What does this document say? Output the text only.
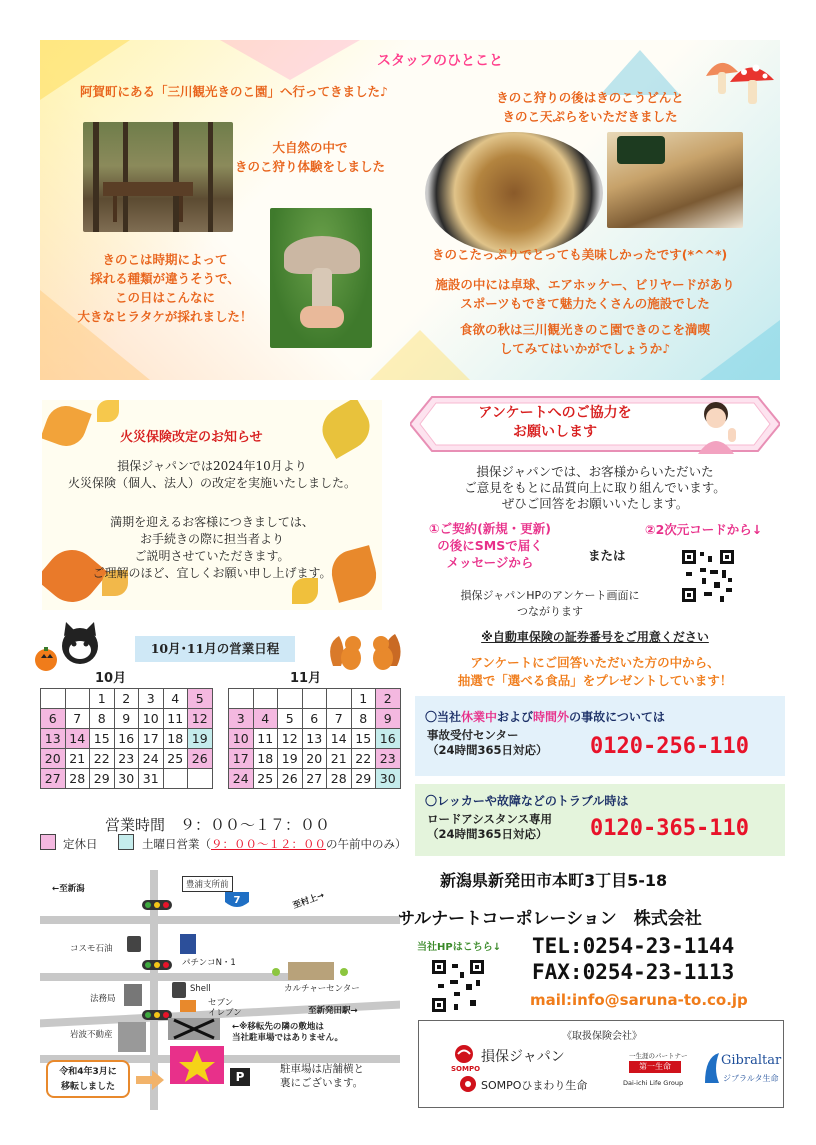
スタッフのひとこと
阿賀町にある「三川観光きのこ園」へ行ってきました♪
大自然の中で
きのこ狩り体験をしました
きのこは時期によって
採れる種類が違うそうで、
この日はこんなに
大きなヒラタケが採れました！
きのこ狩りの後はきのこうどんと
きのこ天ぷらをいただきました
きのこたっぷりでとっても美味しかったです(*^^*)
施設の中には卓球、エアホッケー、ビリヤードがあり
スポーツもできて魅力たくさんの施設でした
食欲の秋は三川観光きのこ園できのこを満喫
してみてはいかがでしょうか♪
火災保険改定のお知らせ
損保ジャパンでは2024年10月より
火災保険（個人、法人）の改定を実施いたしました。
満期を迎えるお客様につきましては、
お手続きの際に担当者より
ご説明させていただきます。
ご理解のほど、宜しくお願い申し上げます。
アンケートへのご協力を
お願いします
損保ジャパンでは、お客様からいただいた
ご意見をもとに品質向上に取り組んでいます。
ぜひご回答をお願いいたします。
①ご契約(新規・更新)
の後にSMSで届く
メッセージから	または
②2次元コードから↓
損保ジャパンHPのアンケート画面に
つながります
※自動車保険の証券番号をご用意ください
アンケートにご回答いただいた方の中から、
抽選で「選べる食品」をプレゼントしています！
10月･11月の営業日程
10月	11月
		1	2	3	4	5
6	7	8	9	10	11	12
13	14	15	16	17	18	19
20	21	22	23	24	25	26
27	28	29	30	31		
					1	2
3	4	5	6	7	8	9
10	11	12	13	14	15	16
17	18	19	20	21	22	23
24	25	26	27	28	29	30
営業時間　９：００～１７：００
定休日	土曜日営業（９：００～１２：００の午前中のみ）
〇当社休業中および時間外の事故については
事故受付センター
（24時間365日対応） 0120-256-110
〇レッカーや故障などのトラブル時は
ロードアシスタンス専用
（24時間365日対応） 0120-365-110
←至新潟	豊浦支所前
7	至村上→
コスモ石油
パチンコN・1
法務局
Shell
セブン
イレブン
カルチャーセンター
至新発田駅→
岩波不動産
←※移転先の隣の敷地は
当社駐車場ではありません。
P
令和4年3月に
移転しました
駐車場は店舗横と
裏にございます。
新潟県新発田市本町3丁目5-18
サルナートコーポレーション　株式会社
当社HPはこちら↓ TEL:0254-23-1144
FAX:0254-23-1113
mail:info@saruna-to.co.jp
《取扱保険会社》
SOMPO
損保ジャパン
SOMPOひまわり生命
一生涯のパートナー
第一生命
Dai-ichi Life Group
Gibraltar
ジブラルタ生命
